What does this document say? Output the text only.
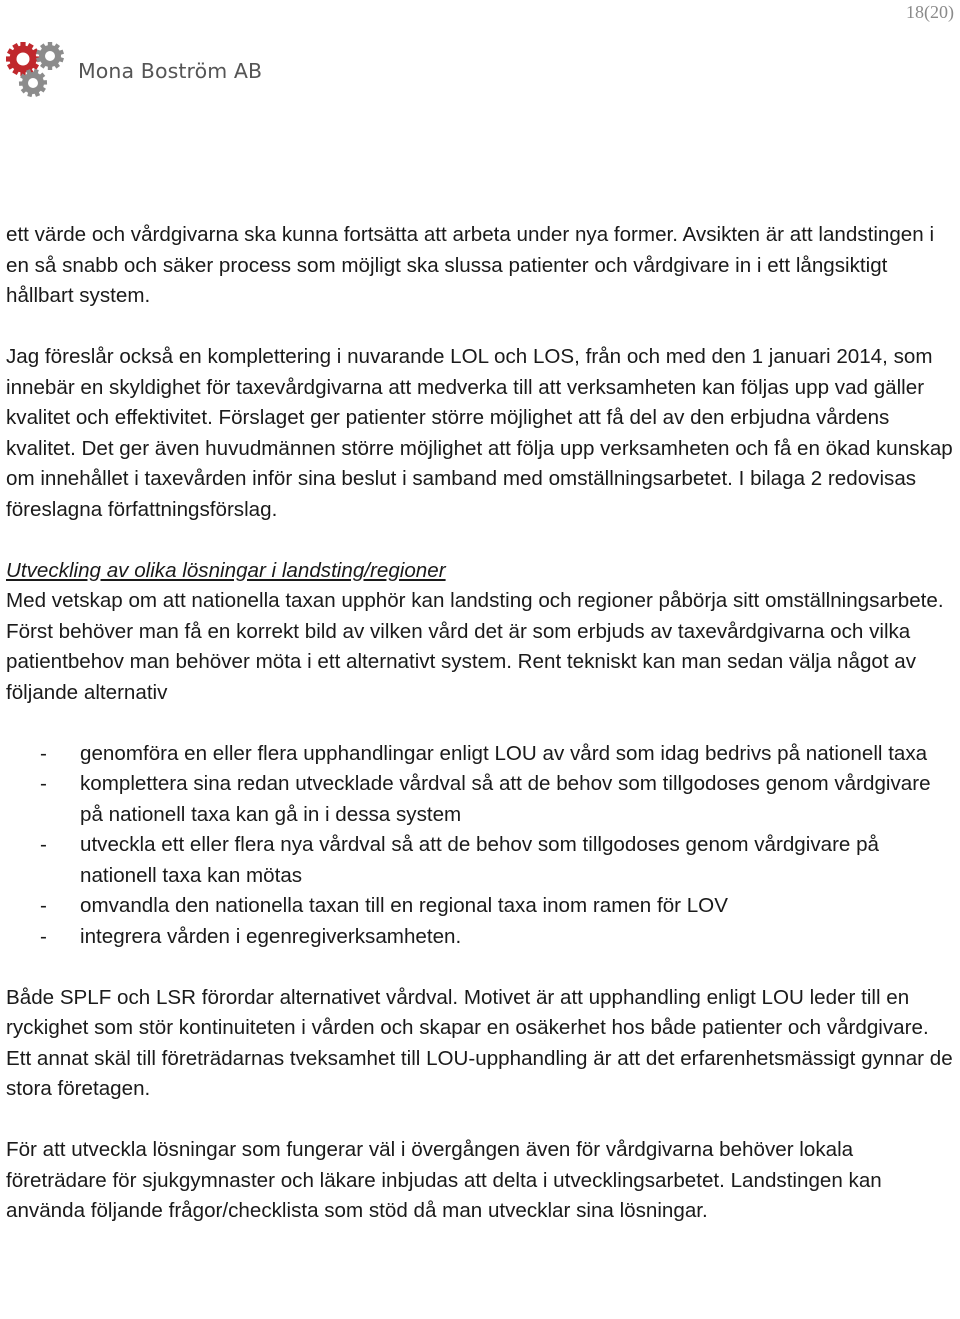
18(20)
Mona Boström AB

ett värde och vårdgivarna ska kunna fortsätta att arbeta under nya former. Avsikten är att landstingen i en så snabb och säker process som möjligt ska slussa patienter och vårdgivare in i ett långsiktigt hållbart system.

Jag föreslår också en komplettering i nuvarande LOL och LOS, från och med den 1 januari 2014, som innebär en skyldighet för taxevårdgivarna att medverka till att verksamheten kan följas upp vad gäller kvalitet och effektivitet. Förslaget ger patienter större möjlighet att få del av den erbjudna vårdens kvalitet. Det ger även huvudmännen större möjlighet att följa upp verksamheten och få en ökad kunskap om innehållet i taxevården inför sina beslut i samband med omställningsarbetet. I bilaga 2 redovisas föreslagna författningsförslag.

Utveckling av olika lösningar i landsting/regioner

Med vetskap om att nationella taxan upphör kan landsting och regioner påbörja sitt omställningsarbete. Först behöver man få en korrekt bild av vilken vård det är som erbjuds av taxevårdgivarna och vilka patientbehov man behöver möta i ett alternativt system. Rent tekniskt kan man sedan välja något av följande alternativ

- genomföra en eller flera upphandlingar enligt LOU av vård som idag bedrivs på nationell taxa
- komplettera sina redan utvecklade vårdval så att de behov som tillgodoses genom vårdgivare på nationell taxa kan gå in i dessa system
- utveckla ett eller flera nya vårdval så att de behov som tillgodoses genom vårdgivare på nationell taxa kan mötas
- omvandla den nationella taxan till en regional taxa inom ramen för LOV
- integrera vården i egenregiverksamheten.

Både SPLF och LSR förordar alternativet vårdval. Motivet är att upphandling enligt LOU leder till en ryckighet som stör kontinuiteten i vården och skapar en osäkerhet hos både patienter och vårdgivare. Ett annat skäl till företrädarnas tveksamhet till LOU-upphandling är att det erfarenhetsmässigt gynnar de stora företagen.

För att utveckla lösningar som fungerar väl i övergången även för vårdgivarna behöver lokala företrädare för sjukgymnaster och läkare inbjudas att delta i utvecklingsarbetet. Landstingen kan använda följande frågor/checklista som stöd då man utvecklar sina lösningar.
